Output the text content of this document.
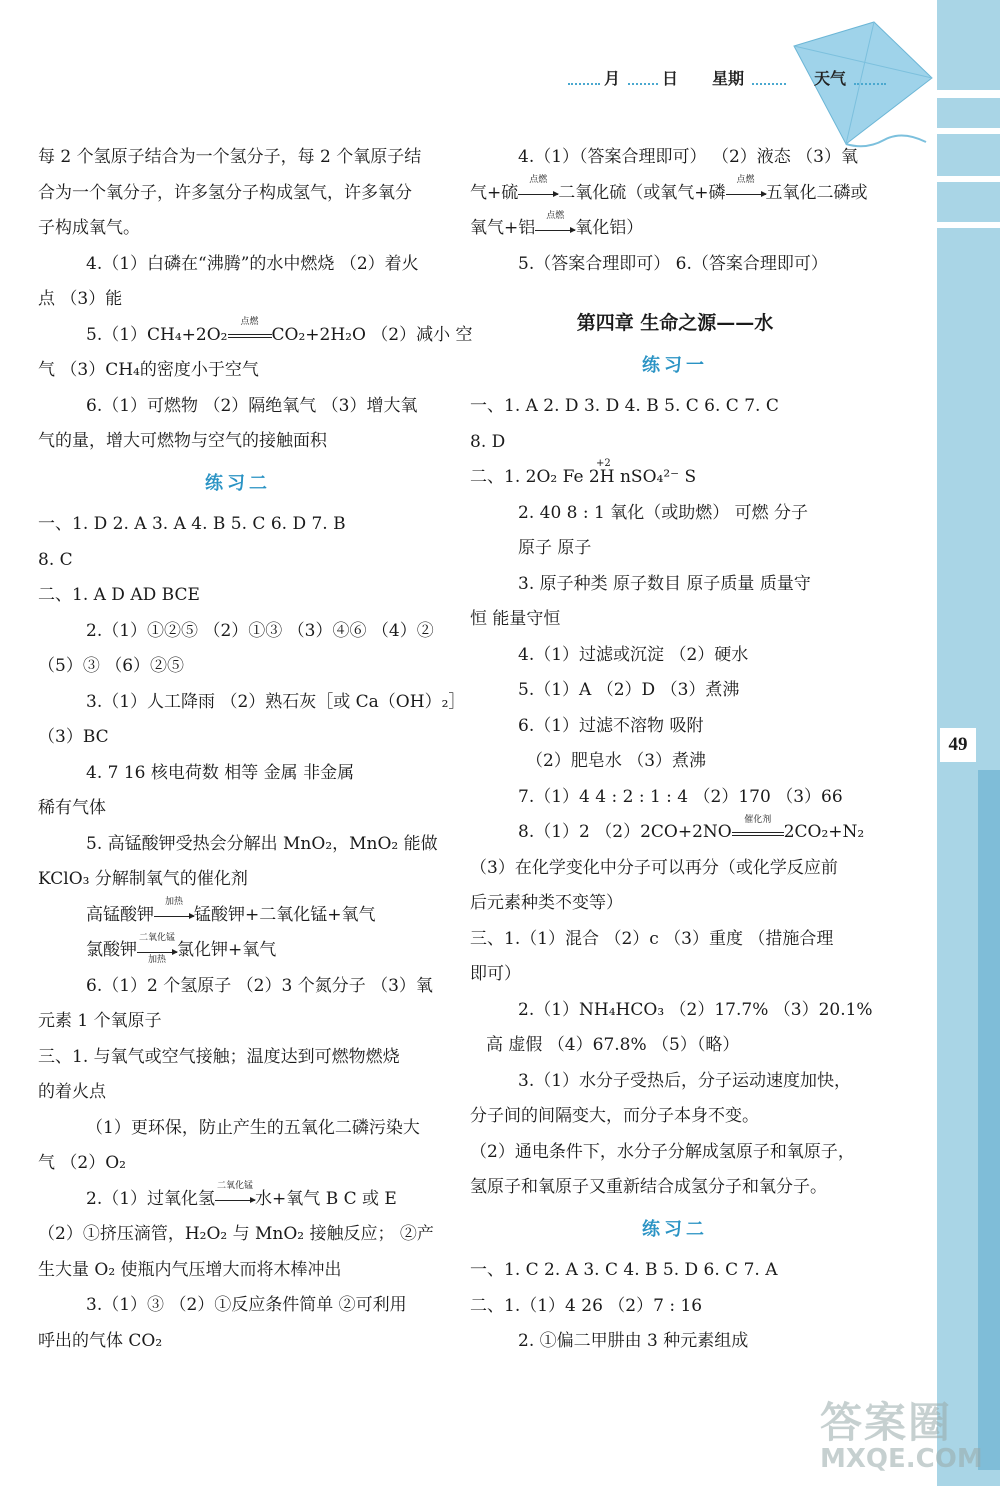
49
月	日 星期	天气

每 2 个氢原子结合为一个氢分子，每 2 个氧原子结

合为一个氧分子，许多氢分子构成氢气，许多氧分

子构成氧气。

4.（1）白磷在“沸腾”的水中燃烧 （2）着火

点 （3）能

5.（1）CH₄+2O₂
点燃
CO₂+2H₂O （2）减小 空

气 （3）CH₄的密度小于空气

6.（1）可燃物 （2）隔绝氧气 （3）增大氧

气的量，增大可燃物与空气的接触面积

练习二

一、1. D 2. A 3. A 4. B 5. C 6. D 7. B

8. C

二、1. A D AD BCE

2.（1）①②⑤ （2）①③ （3）④⑥ （4）②

（5）③ （6）②⑤

3.（1）人工降雨 （2）熟石灰［或 Ca（OH）₂］

（3）BC

4. 7 16 核电荷数 相等 金属 非金属

稀有气体

5. 高锰酸钾受热会分解出 MnO₂，MnO₂ 能做

KClO₃ 分解制氧气的催化剂

高锰酸钾
加热
锰酸钾+二氧化锰+氧气

氯酸钾
二氧化锰
加热 氯化钾+氧气

6.（1）2 个氢原子 （2）3 个氮分子 （3）氧

元素 1 个氧原子

三、1. 与氧气或空气接触；温度达到可燃物燃烧

的着火点

（1）更环保，防止产生的五氧化二磷污染大

气 （2）O₂

2.（1）过氧化氢
二氧化锰
水+氧气 B C 或 E

（2）①挤压滴管，H₂O₂ 与 MnO₂ 接触反应； ②产

生大量 O₂ 使瓶内气压增大而将木棒冲出

3.（1）③ （2）①反应条件简单 ②可利用

呼出的气体 CO₂

4.（1）（答案合理即可） （2）液态 （3）氧

气+硫
点燃
二氧化硫（或氧气+磷
点燃
五氧化二磷或

氧气+铝
点燃
氧化铝）

5.（答案合理即可） 6.（答案合理即可）

第四章 生命之源——水

练习一

一、1. A 2. D 3. D 4. B 5. C 6. C 7. C

8. D

二、1. 2O₂ Fe 2H nSO₄²⁻ S
+2

2. 40 8 : 1 氧化（或助燃） 可燃 分子

原子 原子

3. 原子种类 原子数目 原子质量 质量守

恒 能量守恒

4.（1）过滤或沉淀 （2）硬水

5.（1）A （2）D （3）煮沸

6.（1）过滤不溶物 吸附

（2）肥皂水 （3）煮沸

7.（1）4 4 : 2 : 1 : 4 （2）170 （3）66

8.（1）2 （2）2CO+2NO
催化剂
2CO₂+N₂

（3）在化学变化中分子可以再分（或化学反应前

后元素种类不变等）

三、1.（1）混合 （2）c （3）重度 （措施合理

即可）

2.（1）NH₄HCO₃ （2）17.7% （3）20.1%

高 虚假 （4）67.8% （5）（略）

3.（1）水分子受热后，分子运动速度加快，

分子间的间隔变大，而分子本身不变。

（2）通电条件下，水分子分解成氢原子和氧原子，

氢原子和氧原子又重新结合成氢分子和氧分子。

练习二

一、1. C 2. A 3. C 4. B 5. D 6. C 7. A

二、1.（1）4 26 （2）7 : 16

2. ①偏二甲肼由 3 种元素组成

答案圈
MXQE.COM
